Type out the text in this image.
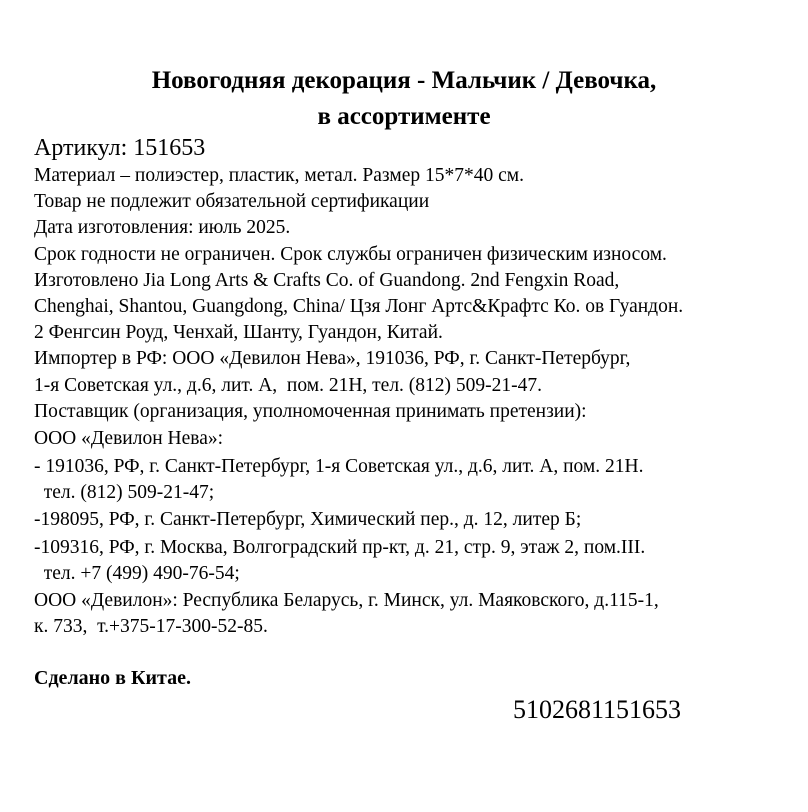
Новогодняя декорация - Мальчик / Девочка,
в ассортименте
Артикул: 151653
Материал – полиэстер, пластик, метал. Размер 15*7*40 см.
Товар не подлежит обязательной сертификации
Дата изготовления: июль 2025.
Срок годности не ограничен. Срок службы ограничен физическим износом.
Изготовлено Jia Long Arts & Crafts Co. of Guandong. 2nd Fengxin Road,
Chenghai, Shantou, Guangdong, China/ Цзя Лонг Артс&Крафтс Ко. ов Гуандон.
2 Фенгсин Роуд, Ченхай, Шанту, Гуандон, Китай.
Импортер в РФ: ООО «Девилон Нева», 191036, РФ, г. Санкт-Петербург,
1-я Советская ул., д.6, лит. А,  пом. 21Н, тел. (812) 509-21-47.
Поставщик (организация, уполномоченная принимать претензии):
ООО «Девилон Нева»:
- 191036, РФ, г. Санкт-Петербург, 1-я Советская ул., д.6, лит. А, пом. 21Н.
тел. (812) 509-21-47;
-198095, РФ, г. Санкт-Петербург, Химический пер., д. 12, литер Б;
-109316, РФ, г. Москва, Волгоградский пр-кт, д. 21, стр. 9, этаж 2, пом.III.
тел. +7 (499) 490-76-54;
ООО «Девилон»: Республика Беларусь, г. Минск, ул. Маяковского, д.115-1,
к. 733,  т.+375-17-300-52-85.
Сделано в Китае.
5102681151653
